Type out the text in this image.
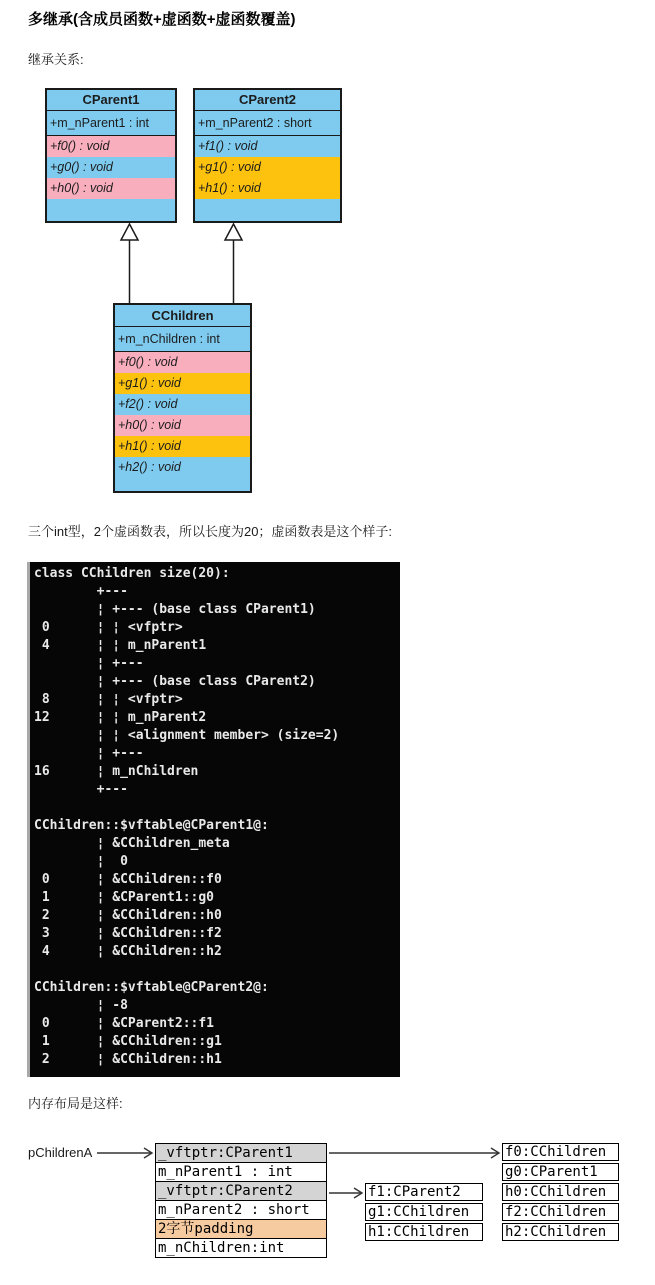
多继承(含成员函数+虚函数+虚函数覆盖)
继承关系:
CParent1
+m_nParent1 : int
+f0() : void
+g0() : void
+h0() : void
CParent2
+m_nParent2 : short
+f1() : void
+g1() : void
+h1() : void
CChildren
+m_nChildren : int
+f0() : void
+g1() : void
+f2() : void
+h0() : void
+h1() : void
+h2() : void
三个int型，2个虚函数表，所以长度为20；虚函数表是这个样子:
class CChildren size(20):
+---
¦ +--- (base class CParent1)
0      ¦ ¦ <vfptr>
4      ¦ ¦ m_nParent1
¦ +---
¦ +--- (base class CParent2)
8      ¦ ¦ <vfptr>
12      ¦ ¦ m_nParent2
¦ ¦ <alignment member> (size=2)
¦ +---
16      ¦ m_nChildren
+---

CChildren::$vftable@CParent1@:
¦ &CChildren_meta
¦  0
0      ¦ &CChildren::f0
1      ¦ &CParent1::g0
2      ¦ &CChildren::h0
3      ¦ &CChildren::f2
4      ¦ &CChildren::h2

CChildren::$vftable@CParent2@:
¦ -8
0      ¦ &CParent2::f1
1      ¦ &CChildren::g1
2      ¦ &CChildren::h1
内存布局是这样:
pChildrenA	_vftptr:CParent1
m_nParent1 : int
_vftptr:CParent2
m_nParent2 : short
2字节padding
m_nChildren:int
f1:CParent2
g1:CChildren
h1:CChildren
f0:CChildren
g0:CParent1
h0:CChildren
f2:CChildren
h2:CChildren
